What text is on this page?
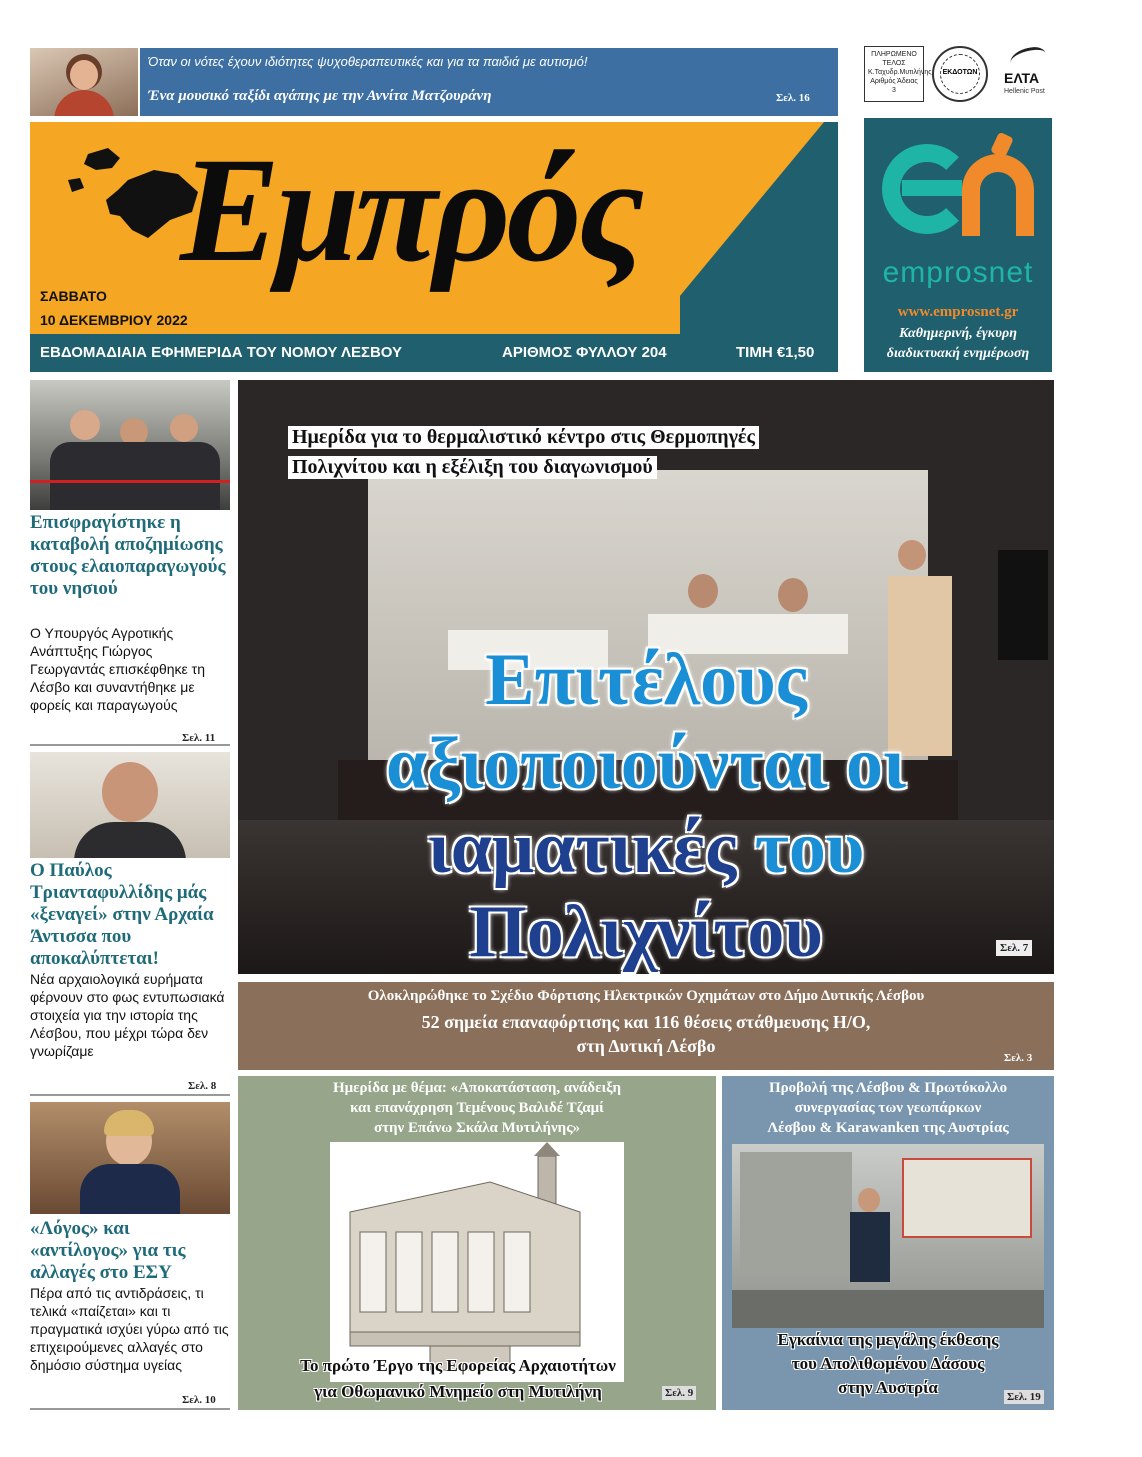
Όταν οι νότες έχουν ιδιότητες ψυχοθεραπευτικές και για τα παιδιά με αυτισμό!
Ένα μουσικό ταξίδι αγάπης με την Αννίτα Ματζουράνη	Σελ. 16
ΠΛΗΡΩΜΕΝΟ ΤΕΛΟΣ Κ.Ταχυδρ.Μυτιλήνης Αριθμός Άδειας 3
ΕΚΔΟΤΩΝ	ΕΛΤΑ
Hellenic Post
Εμπρός
ΣΑΒΒΑΤΟ
10 ΔΕΚΕΜΒΡΙΟΥ 2022
ΕΒΔΟΜΑΔΙΑΙΑ ΕΦΗΜΕΡΙΔΑ ΤΟΥ ΝΟΜΟΥ ΛΕΣΒΟΥ	ΑΡΙΘΜΟΣ ΦΥΛΛΟΥ 204	ΤΙΜΗ €1,50
emprosnet
www.emprosnet.gr
Καθημερινή, έγκυρη
διαδικτυακή ενημέρωση
Επισφραγίστηκε η καταβολή αποζημίωσης στους ελαιοπαραγωγούς του νησιού
Ο Υπουργός Αγροτικής Ανάπτυξης Γιώργος Γεωργαντάς επισκέφθηκε τη Λέσβο και συναντήθηκε με φορείς και παραγωγούς
Σελ. 11
Ο Παύλος Τριανταφυλλίδης μάς «ξεναγεί» στην Αρχαία Άντισσα που αποκαλύπτεται!
Νέα αρχαιολογικά ευρήματα φέρνουν στο φως εντυπωσιακά στοιχεία για την ιστορία της Λέσβου, που μέχρι τώρα δεν γνωρίζαμε
Σελ. 8
«Λόγος» και «αντίλογος» για τις αλλαγές στο ΕΣΥ
Πέρα από τις αντιδράσεις, τι τελικά «παίζεται» και τι πραγματικά ισχύει γύρω από τις επιχειρούμενες αλλαγές στο δημόσιο σύστημα υγείας
Σελ. 10
Ημερίδα για το θερμαλιστικό κέντρο στις Θερμοπηγές
Πολιχνίτου και η εξέλιξη του διαγωνισμού
Επιτέλους
αξιοποιούνται οι
ιαματικές του
Πολιχνίτου	Σελ. 7
Ολοκληρώθηκε το Σχέδιο Φόρτισης Ηλεκτρικών Οχημάτων στο Δήμο Δυτικής Λέσβου
52 σημεία επαναφόρτισης και 116 θέσεις στάθμευσης Η/Ο,
στη Δυτική Λέσβο
Σελ. 3
Ημερίδα με θέμα: «Αποκατάσταση, ανάδειξη
και επανάχρηση Τεμένους Βαλιδέ Τζαμί
στην Επάνω Σκάλα Μυτιλήνης»
Το πρώτο Έργο της Εφορείας Αρχαιοτήτων
για Οθωμανικό Μνημείο στη Μυτιλήνη	Σελ. 9
Προβολή της Λέσβου & Πρωτόκολλο
συνεργασίας των γεωπάρκων
Λέσβου & Karawanken της Αυστρίας
Εγκαίνια της μεγάλης έκθεσης
του Απολιθωμένου Δάσους
στην Αυστρία	Σελ. 19
